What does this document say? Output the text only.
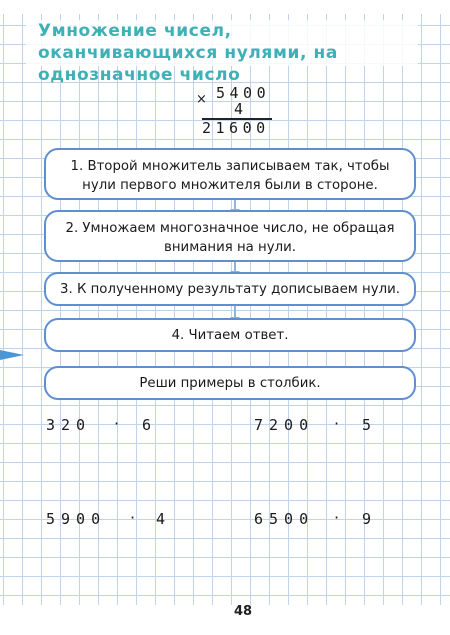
Умножение чисел, оканчивающихся нулями, на однозначное число
× 5400
4
21600
1. Второй множитель записываем так, чтобы нули первого множителя были в стороне.
2. Умножаем многозначное число, не обращая внимания на нули.
3. К полученному результату дописываем нули.
4. Читаем ответ.
Реши примеры в столбик.
320 · 6	7200 · 5
5900 · 4	6500 · 9
48
